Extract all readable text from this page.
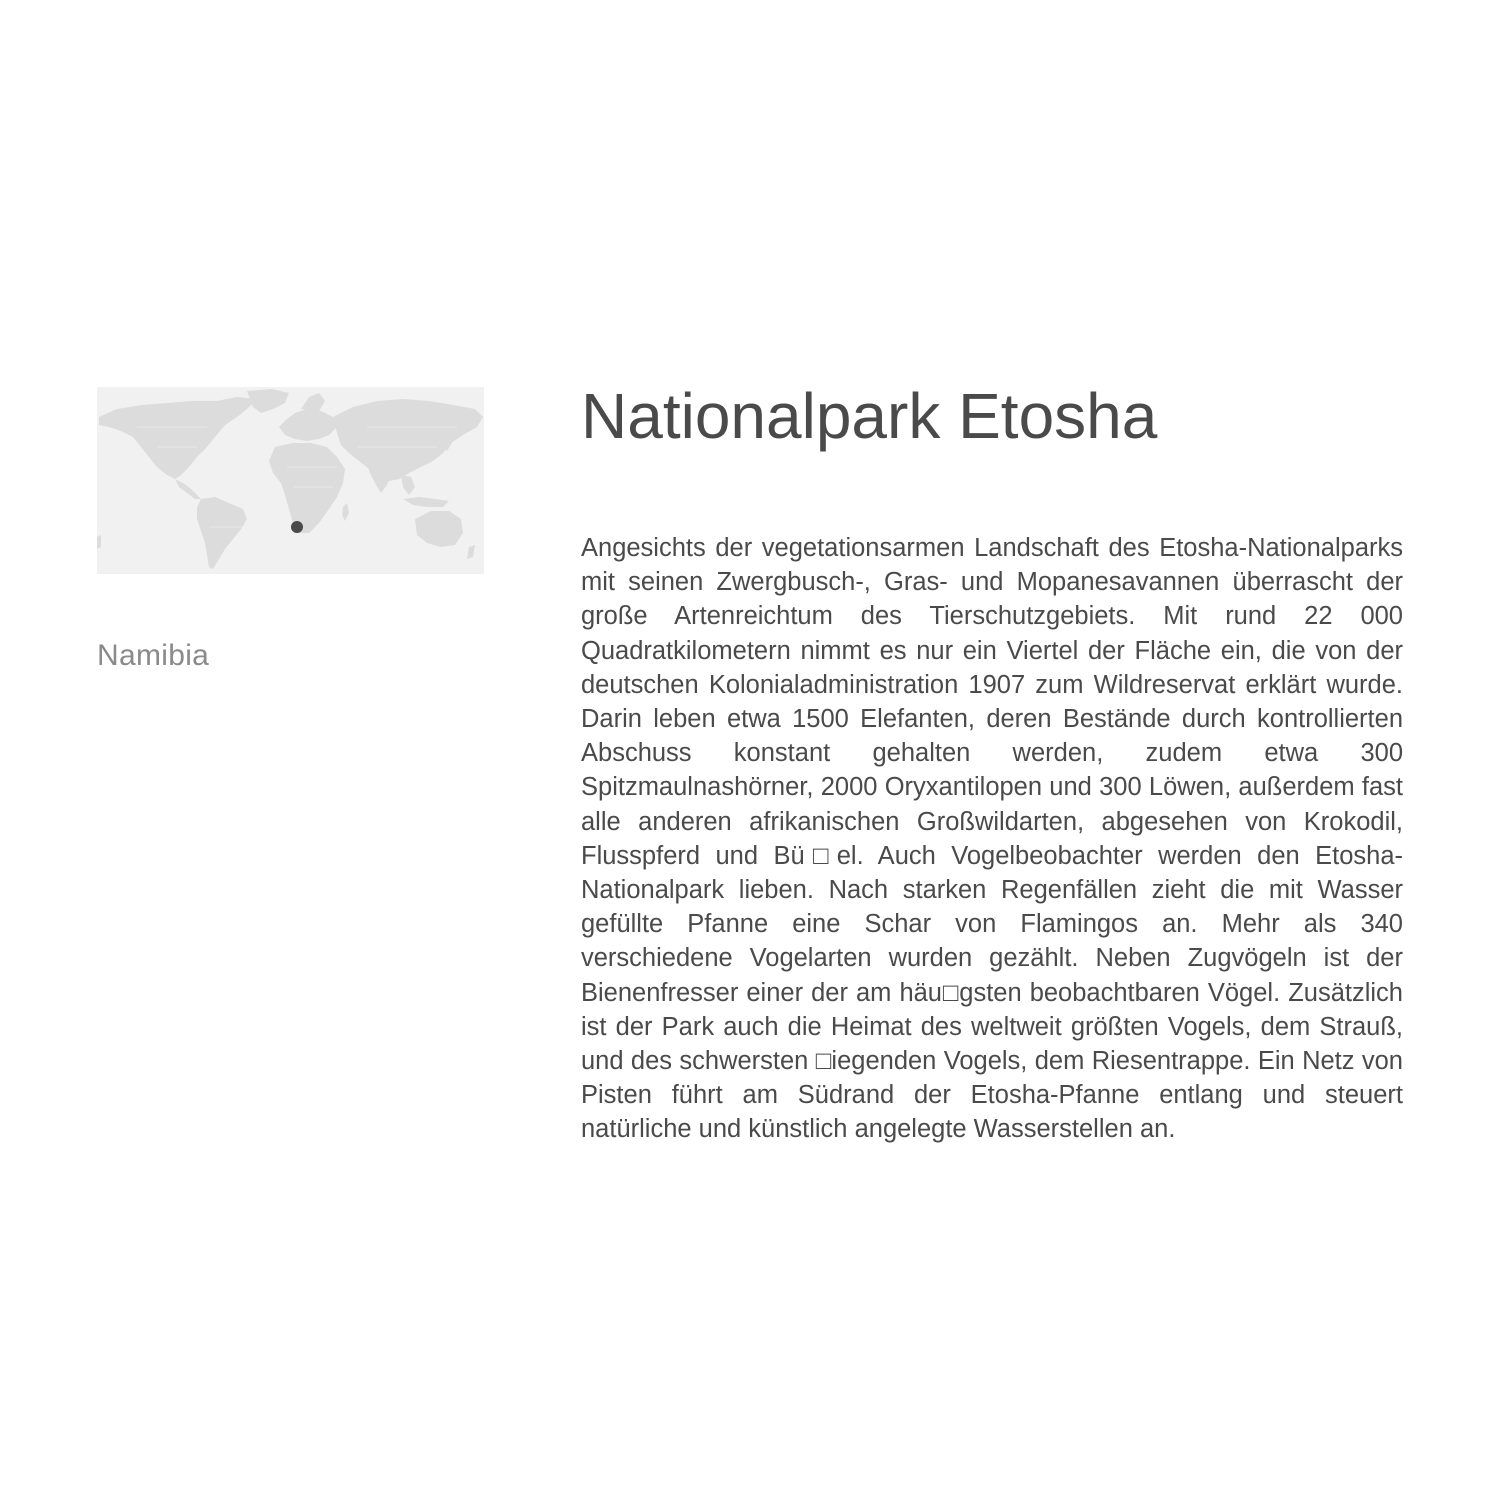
Namibia
Nationalpark Etosha

Angesichts der vegetationsarmen Landschaft des Etosha-Nationalparks mit seinen Zwergbusch-, Gras- und Mopanesavannen überrascht der große Artenreichtum des Tierschutzgebiets. Mit rund 22 000 Quadratkilometern nimmt es nur ein Viertel der Fläche ein, die von der deutschen Kolonialadministration 1907 zum Wildreservat erklärt wurde. Darin leben etwa 1500 Elefanten, deren Bestände durch kontrollierten Abschuss konstant gehalten werden, zudem etwa 300 Spitzmaulnashörner, 2000 Oryxantilopen und 300 Löwen, außerdem fast alle anderen afrikanischen Großwildarten, abgesehen von Krokodil, Flusspferd und Bü□el. Auch Vogelbeobachter werden den Etosha-Nationalpark lieben. Nach starken Regenfällen zieht die mit Wasser gefüllte Pfanne eine Schar von Flamingos an. Mehr als 340 verschiedene Vogelarten wurden gezählt. Neben Zugvögeln ist der Bienenfresser einer der am häu□gsten beobachtbaren Vögel. Zusätzlich ist der Park auch die Heimat des weltweit größten Vogels, dem Strauß, und des schwersten □iegenden Vogels, dem Riesentrappe. Ein Netz von Pisten führt am Südrand der Etosha-Pfanne entlang und steuert natürliche und künstlich angelegte Wasserstellen an.
